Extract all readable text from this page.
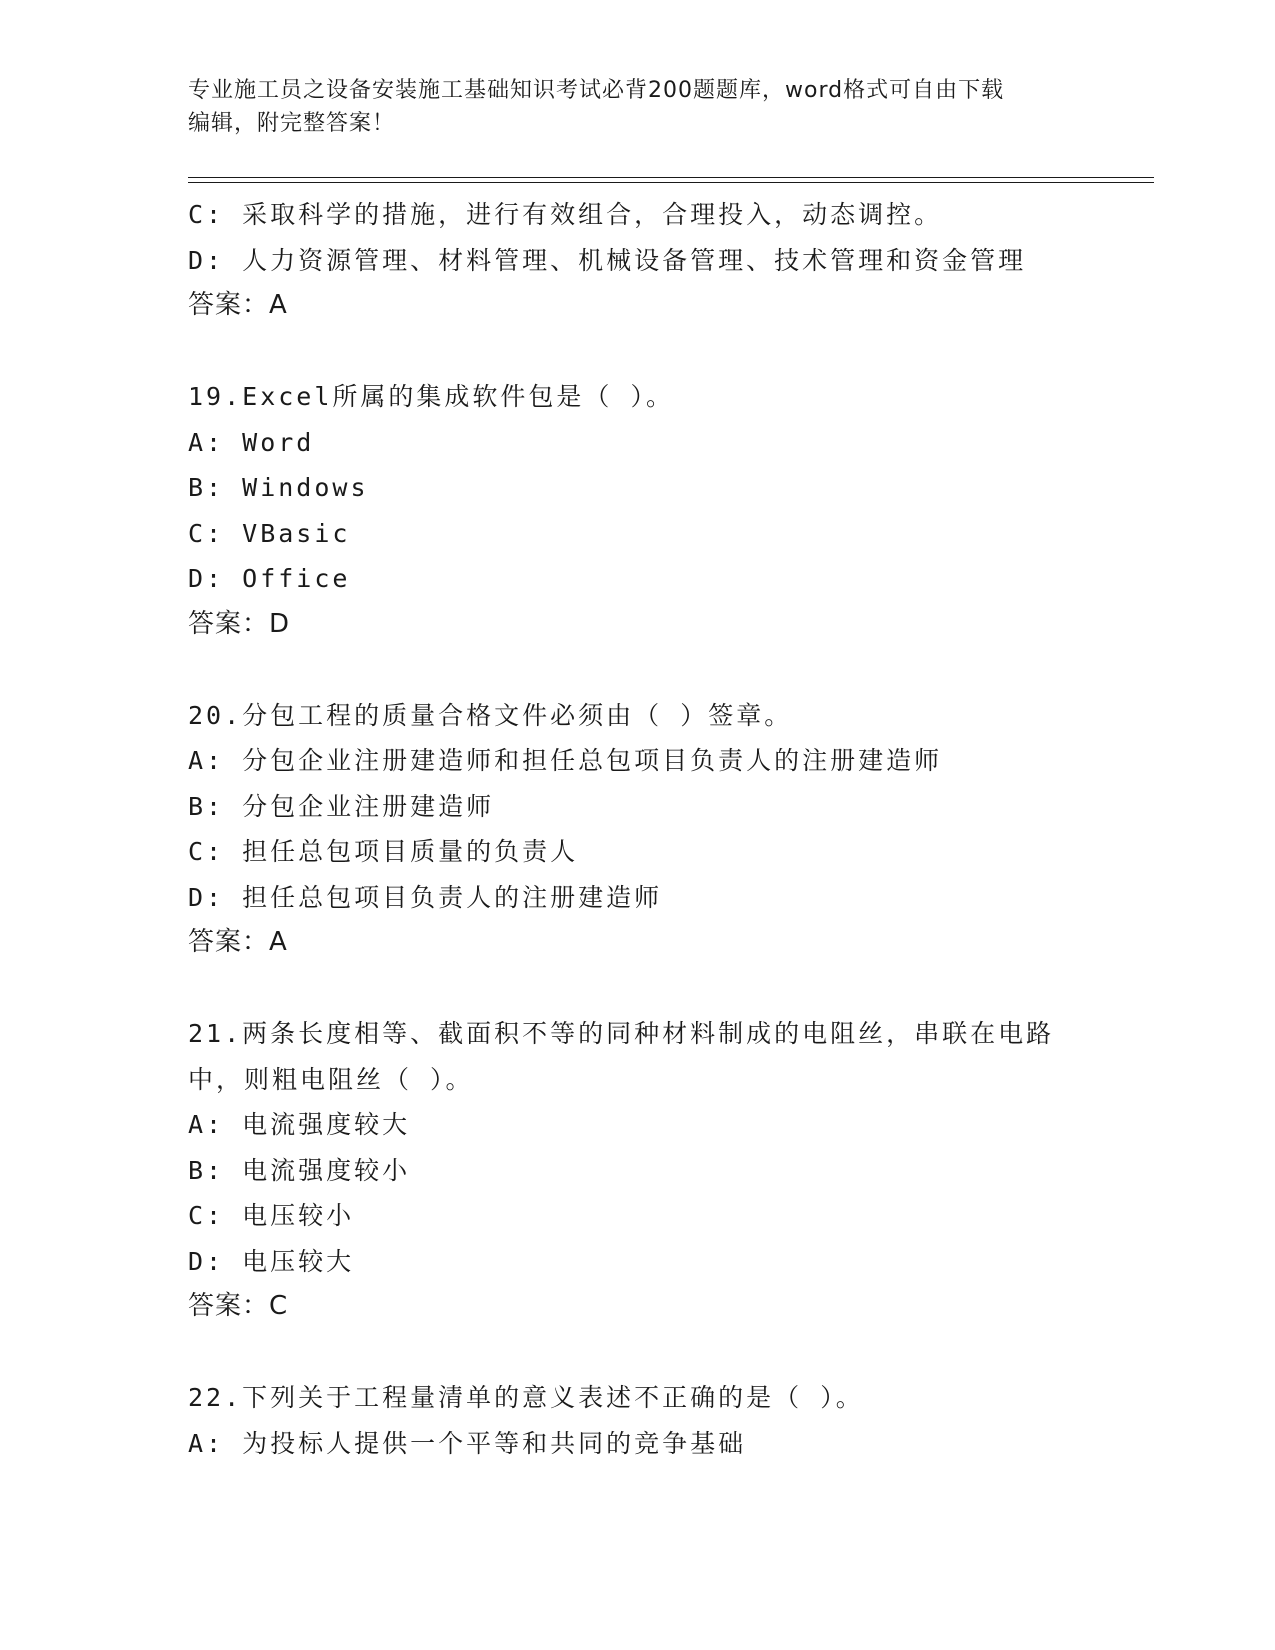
专业施工员之设备安装施工基础知识考试必背200题题库，word格式可自由下载
编辑，附完整答案！
C: 采取科学的措施，进行有效组合，合理投入，动态调控。
D: 人力资源管理、材料管理、机械设备管理、技术管理和资金管理
答案：A
19.Excel所属的集成软件包是（ ）。
A: Word
B: Windows
C: VBasic
D: Office
答案：D
20.分包工程的质量合格文件必须由（ ）签章。
A: 分包企业注册建造师和担任总包项目负责人的注册建造师
B: 分包企业注册建造师
C: 担任总包项目质量的负责人
D: 担任总包项目负责人的注册建造师
答案：A
21.两条长度相等、截面积不等的同种材料制成的电阻丝，串联在电路
中，则粗电阻丝（ ）。
A: 电流强度较大
B: 电流强度较小
C: 电压较小
D: 电压较大
答案：C
22.下列关于工程量清单的意义表述不正确的是（ ）。
A: 为投标人提供一个平等和共同的竞争基础
